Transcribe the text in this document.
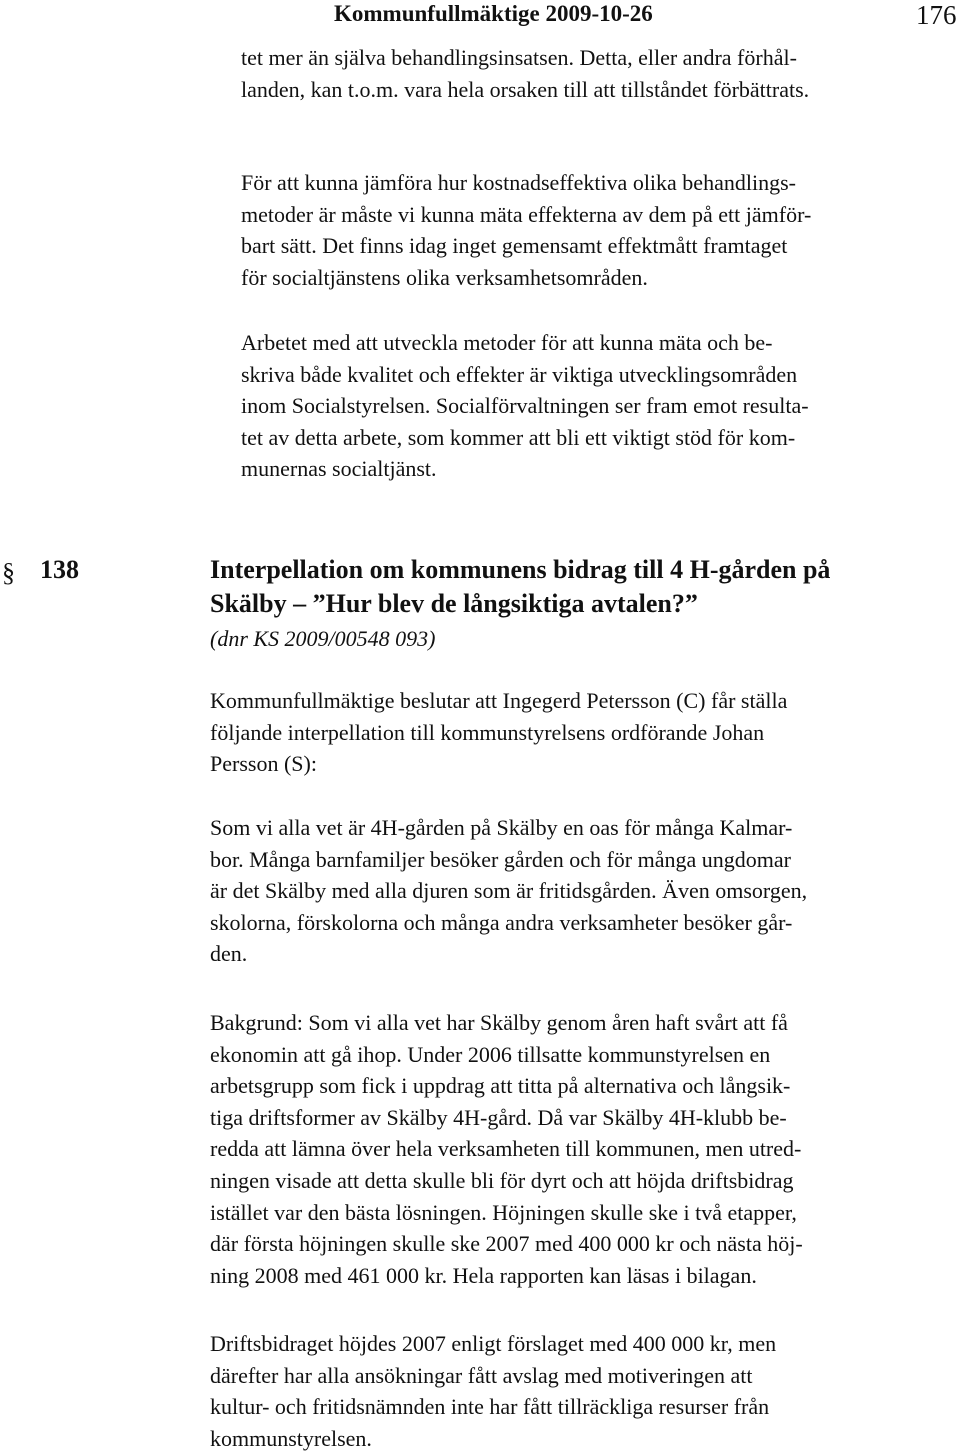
Kommunfullmäktige 2009-10-26	176

tet mer än själva behandlingsinsatsen. Detta, eller andra förhål-
landen, kan t.o.m. vara hela orsaken till att tillståndet förbättrats.

För att kunna jämföra hur kostnadseffektiva olika behandlings-
metoder är måste vi kunna mäta effekterna av dem på ett jämför-
bart sätt. Det finns idag inget gemensamt effektmått framtaget
för socialtjänstens olika verksamhetsområden.

Arbetet med att utveckla metoder för att kunna mäta och be-
skriva både kvalitet och effekter är viktiga utvecklingsområden
inom Socialstyrelsen. Socialförvaltningen ser fram emot resulta-
tet av detta arbete, som kommer att bli ett viktigt stöd för kom-
munernas socialtjänst.

§ 138	Interpellation om kommunens bidrag till 4 H-gården på
Skälby – ”Hur blev de långsiktiga avtalen?”
(dnr KS 2009/00548 093)

Kommunfullmäktige beslutar att Ingegerd Petersson (C) får ställa
följande interpellation till kommunstyrelsens ordförande Johan
Persson (S):

Som vi alla vet är 4H-gården på Skälby en oas för många Kalmar-
bor. Många barnfamiljer besöker gården och för många ungdomar
är det Skälby med alla djuren som är fritidsgården. Även omsorgen,
skolorna, förskolorna och många andra verksamheter besöker går-
den.

Bakgrund: Som vi alla vet har Skälby genom åren haft svårt att få
ekonomin att gå ihop. Under 2006 tillsatte kommunstyrelsen en
arbetsgrupp som fick i uppdrag att titta på alternativa och långsik-
tiga driftsformer av Skälby 4H-gård. Då var Skälby 4H-klubb be-
redda att lämna över hela verksamheten till kommunen, men utred-
ningen visade att detta skulle bli för dyrt och att höjda driftsbidrag
istället var den bästa lösningen. Höjningen skulle ske i två etapper,
där första höjningen skulle ske 2007 med 400 000 kr och nästa höj-
ning 2008 med 461 000 kr. Hela rapporten kan läsas i bilagan.

Driftsbidraget höjdes 2007 enligt förslaget med 400 000 kr, men
därefter har alla ansökningar fått avslag med motiveringen att
kultur- och fritidsnämnden inte har fått tillräckliga resurser från
kommunstyrelsen.
